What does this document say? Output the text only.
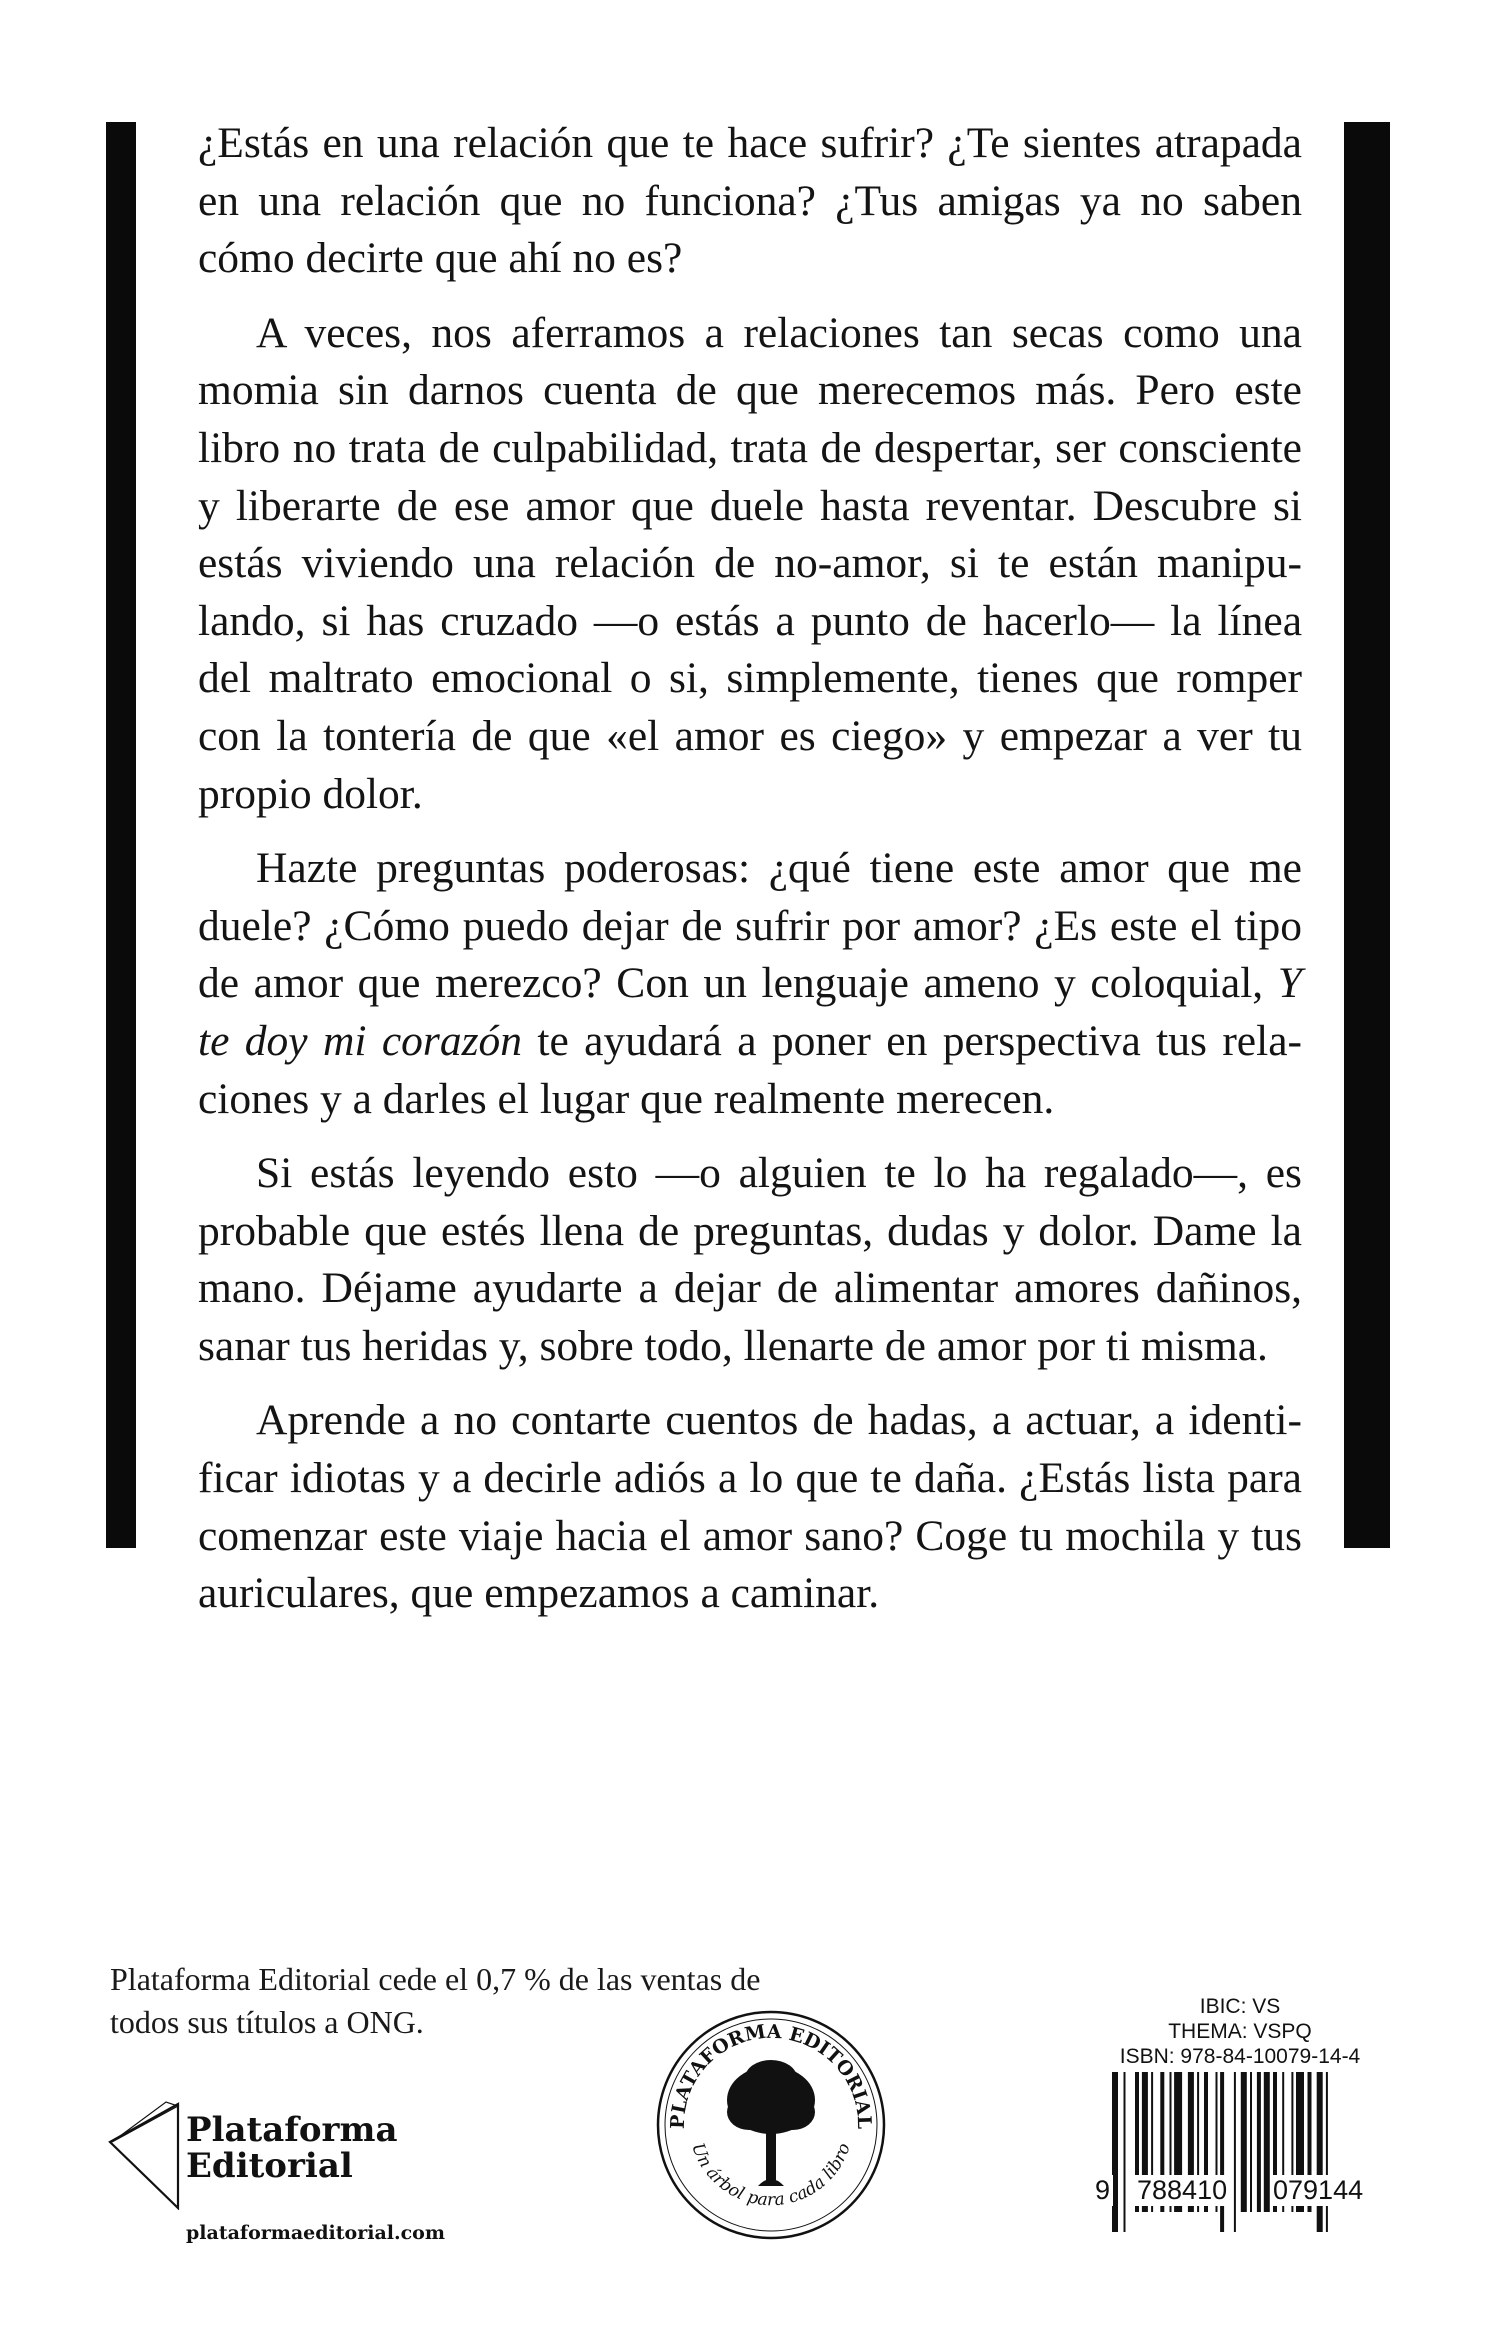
¿Estás en una relación que te hace sufrir? ¿Te sientes atrapada en una relación que no funciona? ¿Tus amigas ya no saben cómo decirte que ahí no es?

A veces, nos aferramos a relaciones tan secas como una momia sin darnos cuenta de que merecemos más. Pero este libro no trata de culpabilidad, trata de despertar, ser consciente y liberarte de ese amor que duele hasta reventar. Descubre si estás viviendo una relación de no-amor, si te están manipulando, si has cruzado —o estás a punto de hacerlo— la línea del maltrato emocional o si, simplemente, tienes que romper con la tontería de que «el amor es ciego» y empezar a ver tu propio dolor.

Hazte preguntas poderosas: ¿qué tiene este amor que me duele? ¿Cómo puedo dejar de sufrir por amor? ¿Es este el tipo de amor que merezco? Con un lenguaje ameno y coloquial, Y te doy mi corazón te ayudará a poner en perspectiva tus relaciones y a darles el lugar que realmente merecen.

Si estás leyendo esto —o alguien te lo ha regalado—, es probable que estés llena de preguntas, dudas y dolor. Dame la mano. Déjame ayudarte a dejar de alimentar amores dañinos, sanar tus heridas y, sobre todo, llenarte de amor por ti misma.

Aprende a no contarte cuentos de hadas, a actuar, a identificar idiotas y a decirle adiós a lo que te daña. ¿Estás lista para comenzar este viaje hacia el amor sano? Coge tu mochila y tus auriculares, que empezamos a caminar.

Plataforma Editorial cede el 0,7 % de las ventas de todos sus títulos a ONG.
Plataforma
Editorial
plataformaeditorial.com
PLATAFORMA EDITORIAL
Un árbol para cada libro
IBIC: VS
THEMA: VSPQ
ISBN: 978-84-10079-14-4
9 788410 079144
